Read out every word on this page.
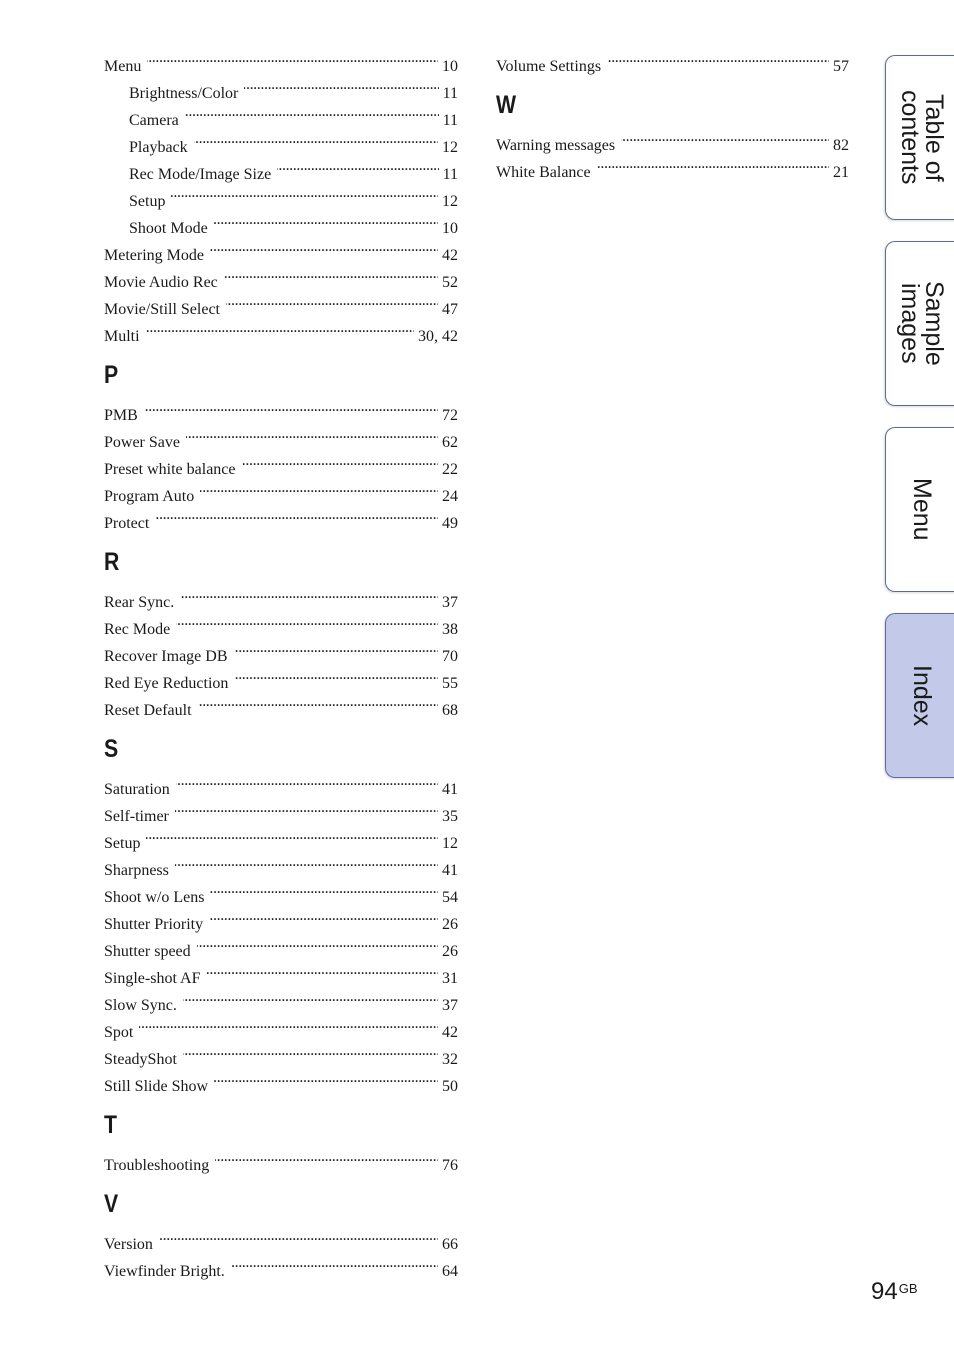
Menu . . .	10
Brightness/Color . . .	11
Camera . . .	11
Playback . . .	12
Rec Mode/Image Size . . .	11
Setup . . .	12
Shoot Mode . . .	10
Metering Mode . . .	42
Movie Audio Rec . . .	52
Movie/Still Select . . .	47
Multi . . .	30, 42
P
PMB . . .	72
Power Save . . .	62
Preset white balance . . .	22
Program Auto . . .	24
Protect . . .	49
R
Rear Sync. . . .	37
Rec Mode . . .	38
Recover Image DB . . .	70
Red Eye Reduction . . .	55
Reset Default . . .	68
S
Saturation . . .	41
Self-timer . . .	35
Setup . . .	12
Sharpness . . .	41
Shoot w/o Lens . . .	54
Shutter Priority . . .	26
Shutter speed . . .	26
Single-shot AF . . .	31
Slow Sync. . . .	37
Spot . . .	42
SteadyShot . . .	32
Still Slide Show . . .	50
T
Troubleshooting . . .	76
V
Version . . .	66
Viewfinder Bright. . . .	64
Volume Settings . . .	57
W
Warning messages . . .	82
White Balance . . .	21	Table of contents
Sample images
Menu
Index
$94^{GB}$
